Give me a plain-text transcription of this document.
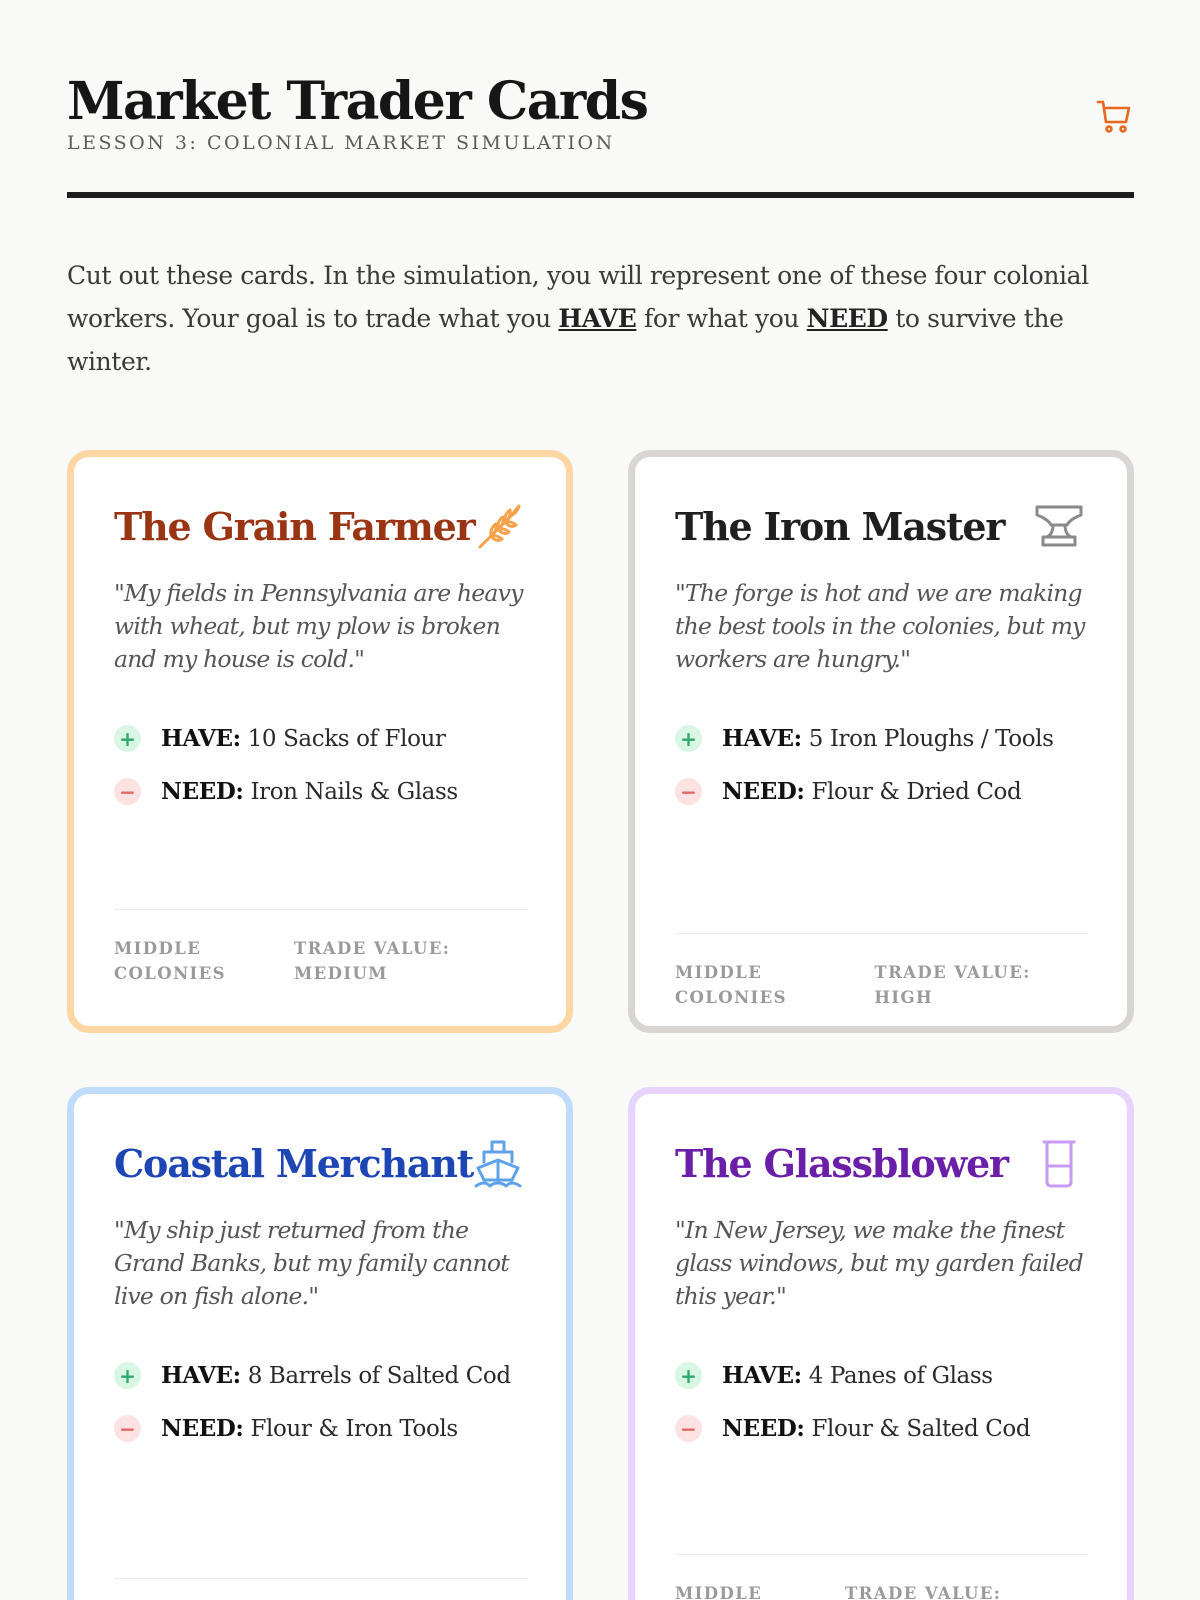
Market Trader Cards
LESSON 3: COLONIAL MARKET SIMULATION

Cut out these cards. In the simulation, you will represent one of these four colonial workers. Your goal is to trade what you HAVE for what you NEED to survive the winter.

The Grain Farmer
"My fields in Pennsylvania are heavy with wheat, but my plow is broken and my house is cold."
+ HAVE: 10 Sacks of Flour
− NEED: Iron Nails & Glass
MIDDLE COLONIES
TRADE VALUE: MEDIUM
The Iron Master
"The forge is hot and we are making the best tools in the colonies, but my workers are hungry."
+ HAVE: 5 Iron Ploughs / Tools
− NEED: Flour & Dried Cod
MIDDLE COLONIES
TRADE VALUE: HIGH
Coastal Merchant
"My ship just returned from the Grand Banks, but my family cannot live on fish alone."
+ HAVE: 8 Barrels of Salted Cod
− NEED: Flour & Iron Tools
The Glassblower
"In New Jersey, we make the finest glass windows, but my garden failed this year."
+ HAVE: 4 Panes of Glass
− NEED: Flour & Salted Cod
MIDDLE	TRADE VALUE:
